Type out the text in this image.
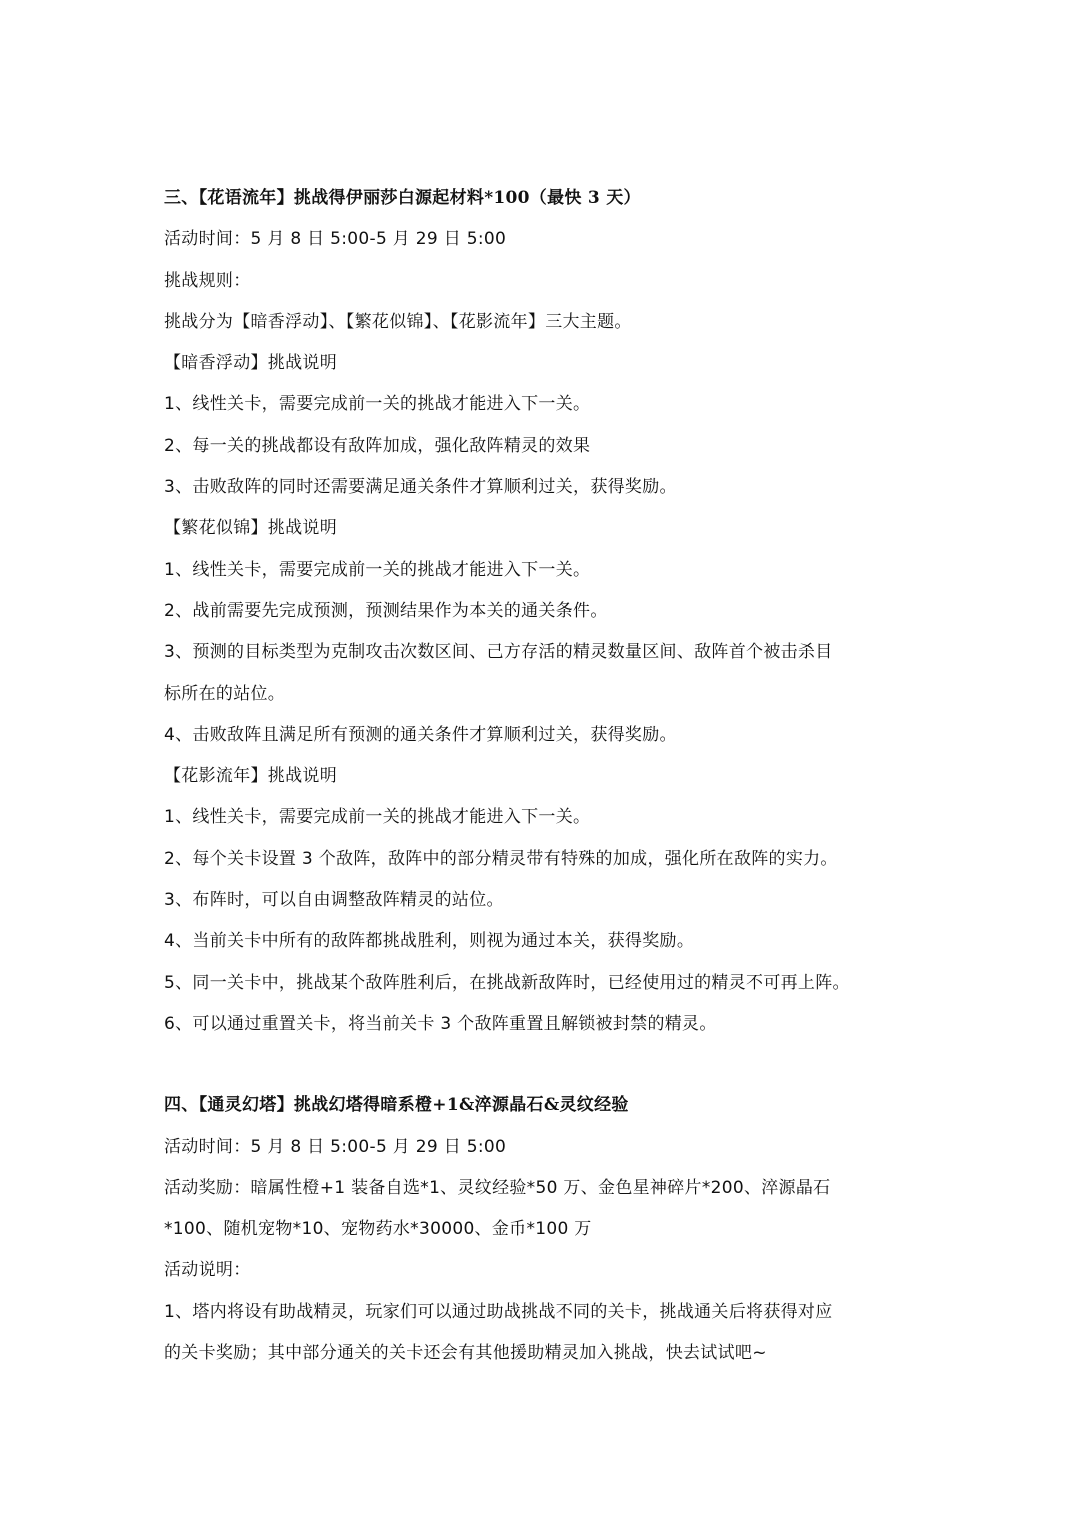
三、【花语流年】挑战得伊丽莎白源起材料*100（最快 3 天）
活动时间：5 月 8 日 5:00-5 月 29 日 5:00
挑战规则：
挑战分为【暗香浮动】、【繁花似锦】、【花影流年】三大主题。
【暗香浮动】挑战说明
1、线性关卡，需要完成前一关的挑战才能进入下一关。
2、每一关的挑战都设有敌阵加成，强化敌阵精灵的效果
3、击败敌阵的同时还需要满足通关条件才算顺利过关，获得奖励。
【繁花似锦】挑战说明
1、线性关卡，需要完成前一关的挑战才能进入下一关。
2、战前需要先完成预测，预测结果作为本关的通关条件。
3、预测的目标类型为克制攻击次数区间、己方存活的精灵数量区间、敌阵首个被击杀目
标所在的站位。
4、击败敌阵且满足所有预测的通关条件才算顺利过关，获得奖励。
【花影流年】挑战说明
1、线性关卡，需要完成前一关的挑战才能进入下一关。
2、每个关卡设置 3 个敌阵，敌阵中的部分精灵带有特殊的加成，强化所在敌阵的实力。
3、布阵时，可以自由调整敌阵精灵的站位。
4、当前关卡中所有的敌阵都挑战胜利，则视为通过本关，获得奖励。
5、同一关卡中，挑战某个敌阵胜利后，在挑战新敌阵时，已经使用过的精灵不可再上阵。
6、可以通过重置关卡，将当前关卡 3 个敌阵重置且解锁被封禁的精灵。
四、【通灵幻塔】挑战幻塔得暗系橙+1&淬源晶石&灵纹经验
活动时间：5 月 8 日 5:00-5 月 29 日 5:00
活动奖励：暗属性橙+1 装备自选*1、灵纹经验*50 万、金色星神碎片*200、淬源晶石
*100、随机宠物*10、宠物药水*30000、金币*100 万
活动说明：
1、塔内将设有助战精灵，玩家们可以通过助战挑战不同的关卡，挑战通关后将获得对应
的关卡奖励；其中部分通关的关卡还会有其他援助精灵加入挑战，快去试试吧~
